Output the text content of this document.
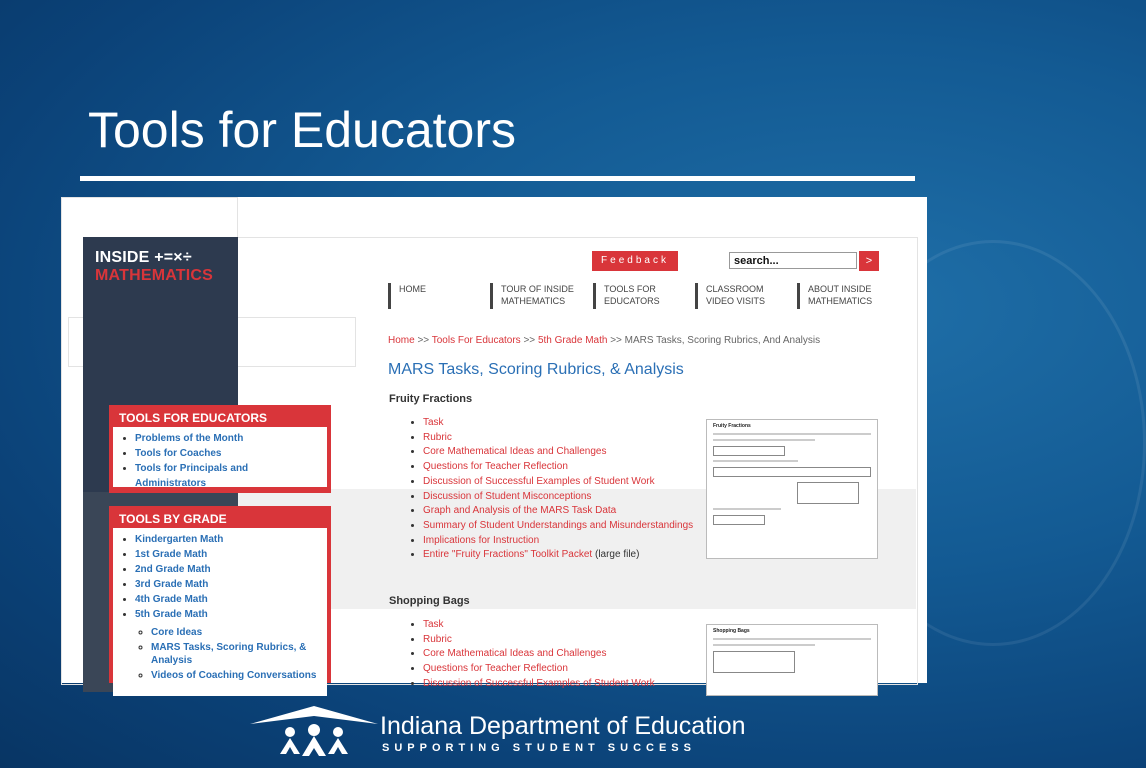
Tools for Educators
INSIDE +=×÷
MATHEMATICS
TOOLS FOR EDUCATORS
• Problems of the Month
• Tools for Coaches
• Tools for Principals and Administrators
TOOLS BY GRADE
• Kindergarten Math
• 1st Grade Math
• 2nd Grade Math
• 3rd Grade Math
• 4th Grade Math
• 5th Grade Math
◦ Core Ideas
◦ MARS Tasks, Scoring Rubrics, & Analysis
◦ Videos of Coaching Conversations
Feedback
search...	>
HOME	TOUR OF INSIDE MATHEMATICS
TOOLS FOR EDUCATORS
CLASSROOM VIDEO VISITS
ABOUT INSIDE MATHEMATICS
Home >> Tools For Educators >> 5th Grade Math >> MARS Tasks, Scoring Rubrics, And Analysis
MARS Tasks, Scoring Rubrics, & Analysis
Fruity Fractions
• Task
• Rubric
• Core Mathematical Ideas and Challenges
• Questions for Teacher Reflection
• Discussion of Successful Examples of Student Work
• Discussion of Student Misconceptions
• Graph and Analysis of the MARS Task Data
• Summary of Student Understandings and Misunderstandings
• Implications for Instruction
• Entire "Fruity Fractions" Toolkit Packet (large file)
Fruity Fractions
Shopping Bags
• Task
• Rubric
• Core Mathematical Ideas and Challenges
• Questions for Teacher Reflection
• Discussion of Successful Examples of Student Work
Shopping Bags
Indiana Department of Education
SUPPORTING STUDENT SUCCESS
